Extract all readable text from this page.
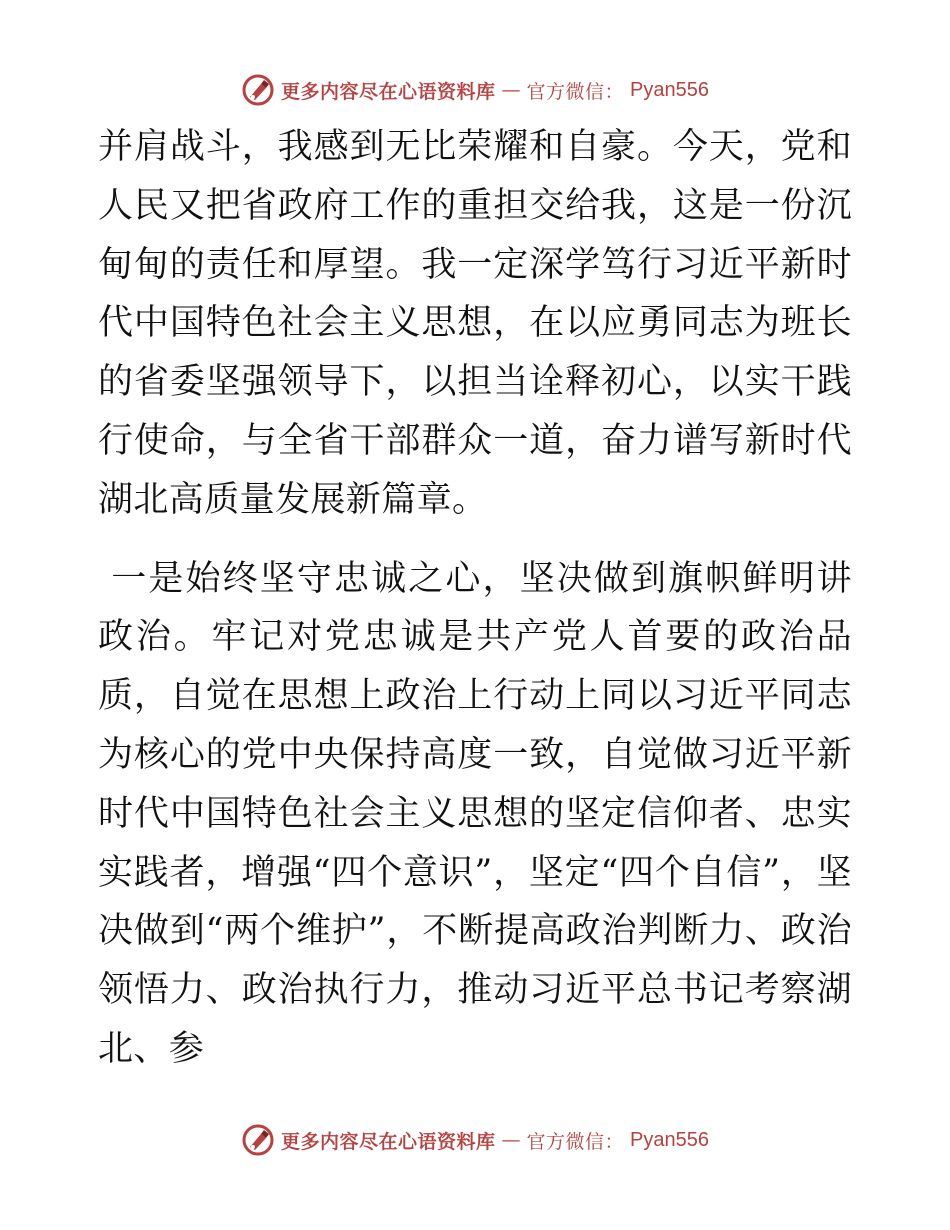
更多内容尽在心语资料库 — 官方微信： Pyan556

并肩战斗，我感到无比荣耀和自豪。今天，党和人民又把省政府工作的重担交给我，这是一份沉甸甸的责任和厚望。我一定深学笃行习近平新时代中国特色社会主义思想，在以应勇同志为班长的省委坚强领导下，以担当诠释初心，以实干践行使命，与全省干部群众一道，奋力谱写新时代湖北高质量发展新篇章。

一是始终坚守忠诚之心，坚决做到旗帜鲜明讲政治。牢记对党忠诚是共产党人首要的政治品质，自觉在思想上政治上行动上同以习近平同志为核心的党中央保持高度一致，自觉做习近平新时代中国特色社会主义思想的坚定信仰者、忠实实践者，增强“四个意识”，坚定“四个自信”，坚决做到“两个维护”，不断提高政治判断力、政治领悟力、政治执行力，推动习近平总书记考察湖北、参

更多内容尽在心语资料库 — 官方微信： Pyan556
